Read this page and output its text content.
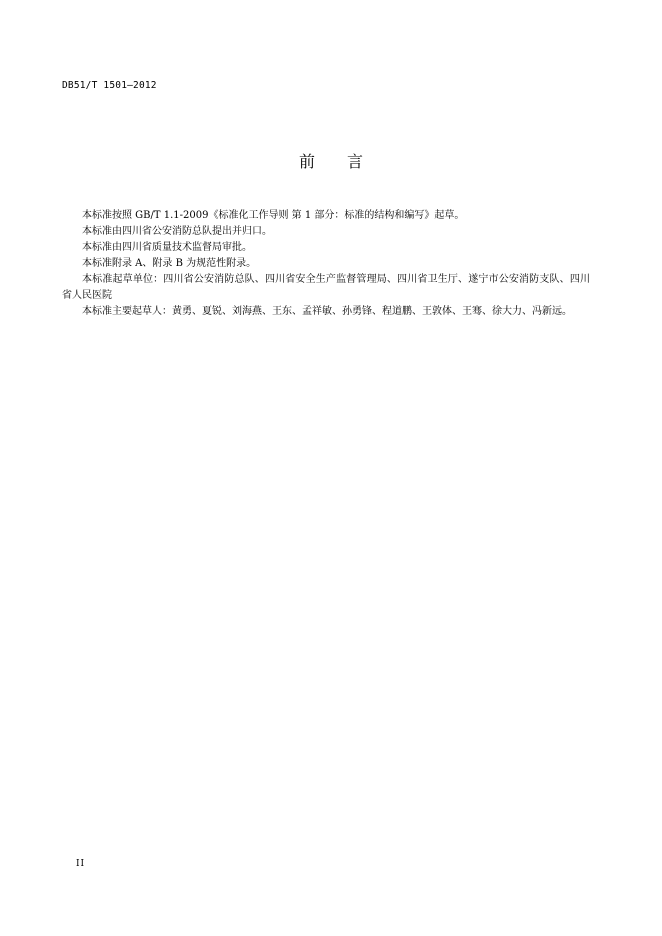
DB51/T 1501—2012
前 言

本标准按照 GB/T 1.1-2009《标准化工作导则 第 1 部分：标准的结构和编写》起草。

本标准由四川省公安消防总队提出并归口。

本标准由四川省质量技术监督局审批。

本标准附录 A、附录 B 为规范性附录。

本标准起草单位：四川省公安消防总队、四川省安全生产监督管理局、四川省卫生厅、遂宁市公安消防支队、四川省人民医院

本标准主要起草人：黄勇、夏锐、刘海燕、王东、孟祥敏、孙勇锋、程道鹏、王敦体、王骞、徐大力、冯新远。

II
